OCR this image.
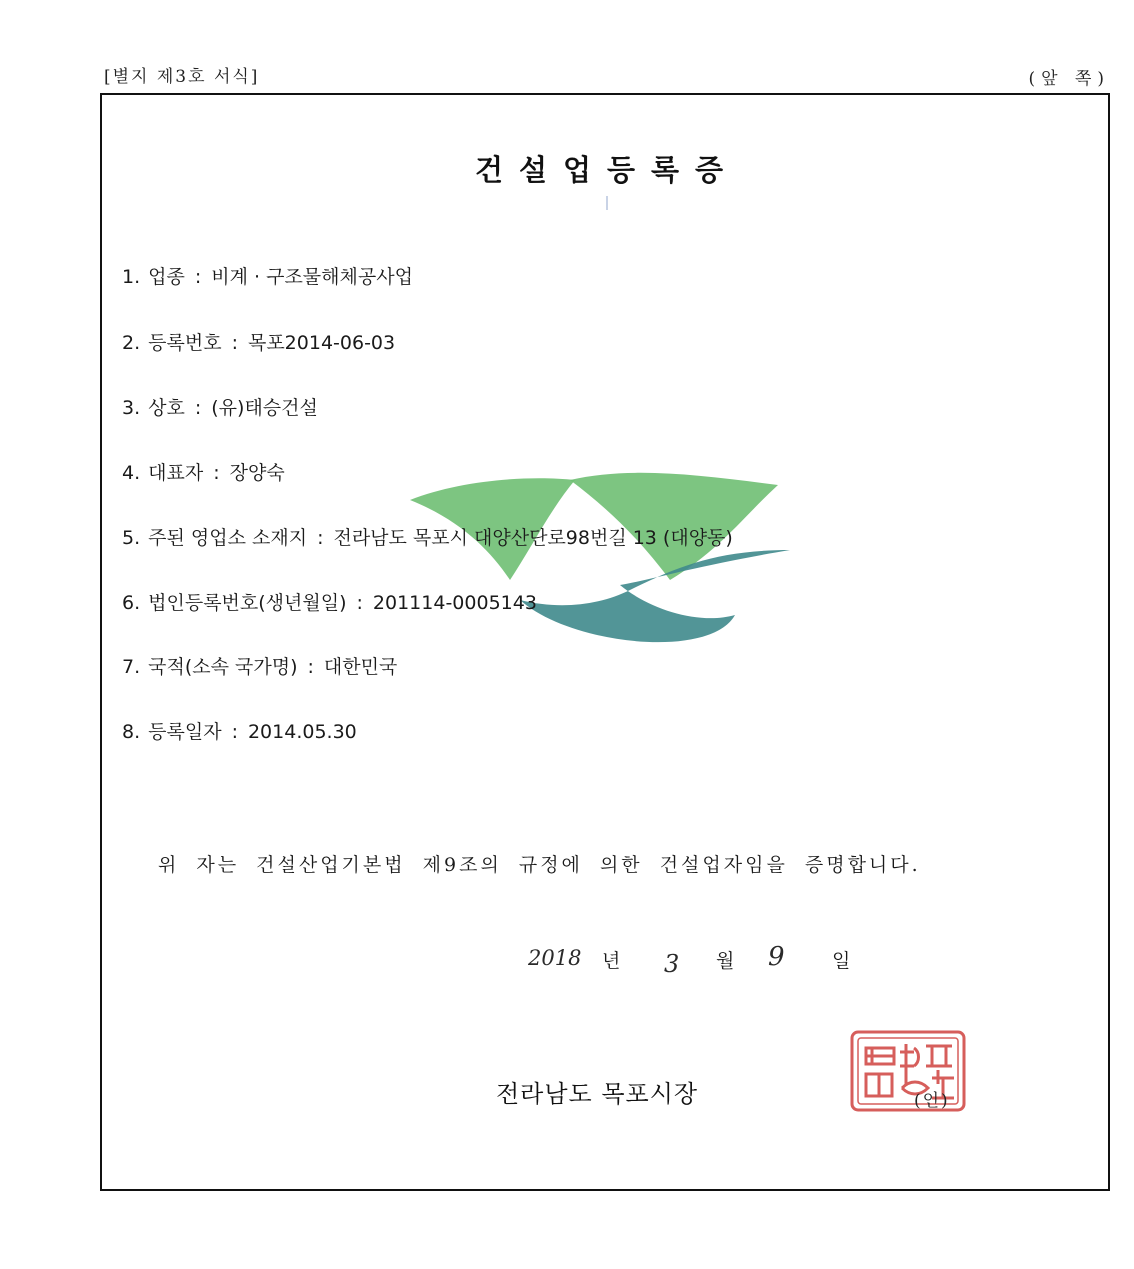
[별지 제3호 서식]	(앞 쪽)
건설업등록증
1. 업종 : 비계 · 구조물해체공사업
2. 등록번호 : 목포2014-06-03
3. 상호 : (유)태승건설
4. 대표자 : 장양숙
5. 주된 영업소 소재지 : 전라남도 목포시 대양산단로98번길 13 (대양동)
6. 법인등록번호(생년월일) : 201114-0005143
7. 국적(소속 국가명) : 대한민국
8. 등록일자 : 2014.05.30
위 자는 건설산업기본법 제9조의 규정에 의한 건설업자임을 증명합니다.
2018 년 3 월 9 일
전라남도 목포시장	(인)
